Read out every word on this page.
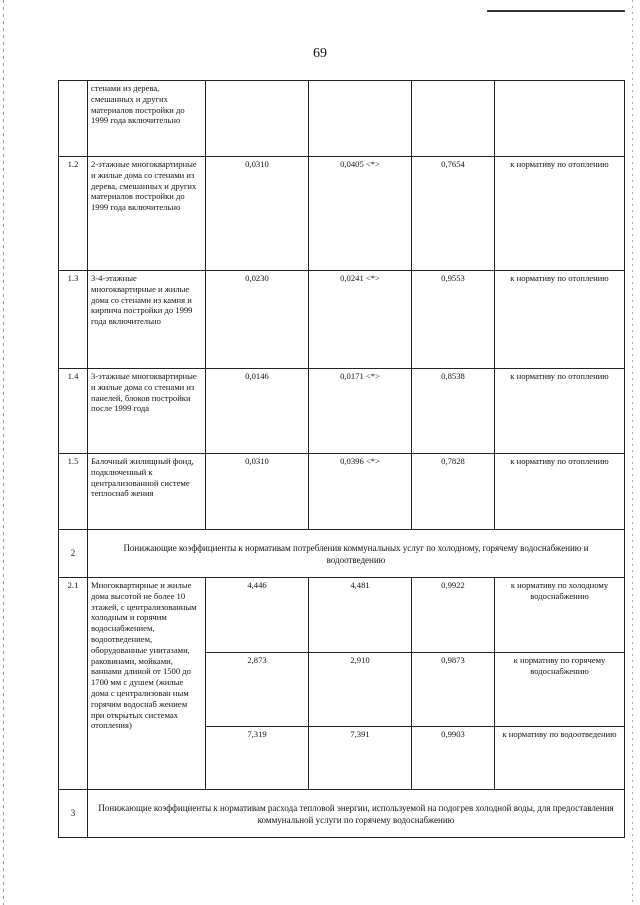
69
	стенами из дерева, смешанных и других материалов постройки до 1999 года включительно				
1.2	2-этажные многоквартирные и жилые дома со стенами из дерева, смешанных и других материалов постройки до 1999 года включительно	0,0310	0,0405 <*>	0,7654	к нормативу по отоплению
1.3	3-4-этажные многоквартирные и жилые дома со стенами из камня и кирпича постройки до 1999 года включительно	0,0230	0,0241 <*>	0,9553	к нормативу по отоплению
1.4	3-этажные многоквартирные и жилые дома со стенами из панелей, блоков постройки после 1999 года	0,0146	0,0171 <*>	0,8538	к нормативу по отоплению
1.5	Балочный жилищный фонд, подключенный к централизованной системе теплоснаб жения	0,0310	0,0396 <*>	0,7828	к нормативу по отоплению
2	Понижающие коэффициенты к нормативам потребления коммунальных услуг по холодному, горячему водоснабжению и водоотведению				
2.1	Многоквартирные и жилые дома высотой не более 10 этажей, с централизованным холодным и горячим водоснабжением, водоотведением, оборудованные унитазами, раковинами, мойками, ваннами длиной от 1500 до 1700 мм с душем (жилые дома с централизован ным горячим водоснаб жением при открытых системах отопления)	4,446	4,481	0,9922	к нормативу по холодному водоснабжению
		2,873	2,910	0,9873	к нормативу по горячему водоснабжению
		7,319	7,391	0,9903	к нормативу по водоотведению
3	Понижающие коэффициенты к нормативам расхода тепловой энергии, используемой на подогрев холодной воды, для предоставления коммунальной услуги по горячему водоснабжению				
